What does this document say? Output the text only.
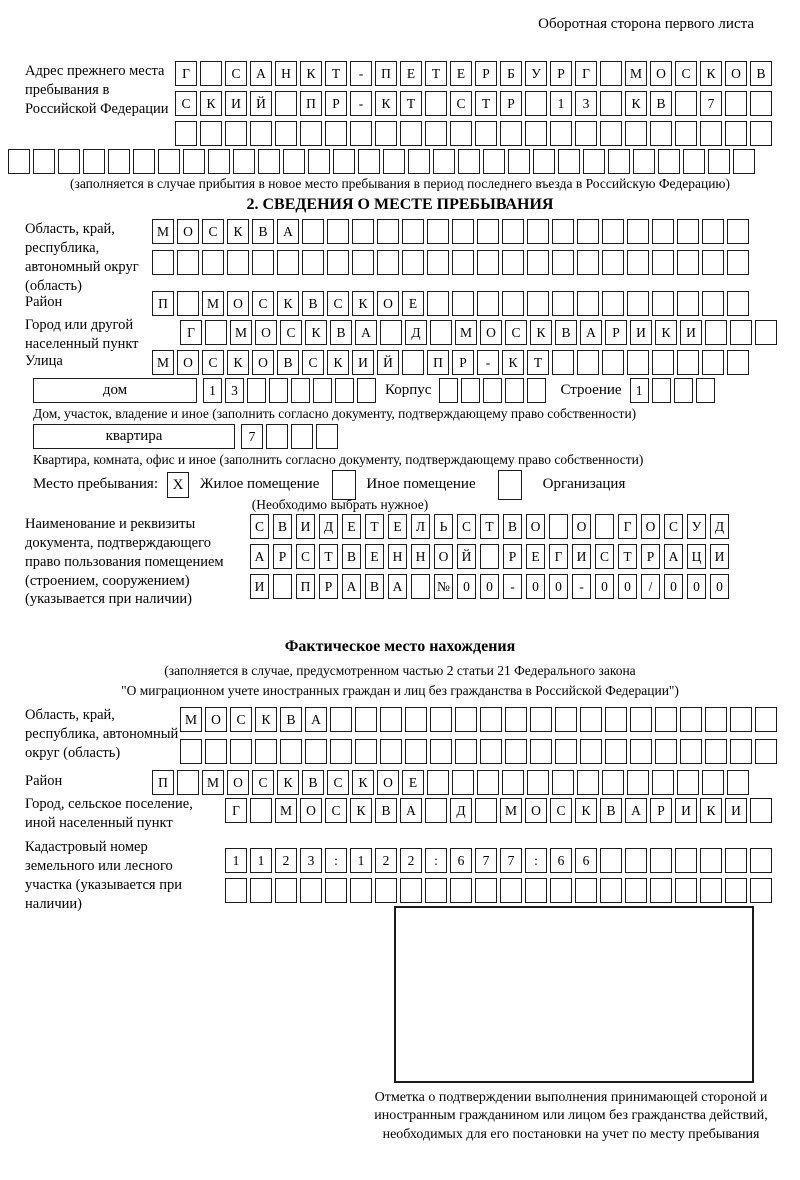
Оборотная сторона первого листа
Адрес прежнего места пребывания в Российской Федерации
Г	С	А	Н	К	Т	-	П	Е	Т	Е	Р	Б	У	Р	Г	М	О	С	К	О	В
С	К	И	Й	П	Р	-	К	Т	С	Т	Р	1	3	К	В	7
(заполняется в случае прибытия в новое место пребывания в период последнего въезда в Российскую Федерацию)
2. СВЕДЕНИЯ О МЕСТЕ ПРЕБЫВАНИЯ
Область, край, республика, автономный округ (область)
М	О	С	К	В	А
Район	П	М	О	С	К	В	С	К	О	Е
Город или другой населенный пункт
Г	М	О	С	К	В	А	Д	М	О	С	К	В	А	Р	И	К	И
Улица	М	О	С	К	О	В	С	К	И	Й	П	Р	-	К	Т
дом	1	3	Корпус	Строение	1
Дом, участок, владение и иное (заполнить согласно документу, подтверждающему право собственности)
квартира	7
Квартира, комната, офис и иное (заполнить согласно документу, подтверждающему право собственности)
Место пребывания: X	Жилое помещение	Иное помещение	Организация
(Необходимо выбрать нужное)
Наименование и реквизиты документа, подтверждающего право пользования помещением (строением, сооружением) (указывается при наличии)
С	В	И	Д	Е	Т	Е	Л	Ь	С	Т	В	О	О	Г	О	С	У	Д
А	Р	С	Т	В	Е	Н Н О Й	Р	Е	Г	И	С	Т	Р	А Ц И
И	П	Р	А	В	А	№ 0	0	-	0	0	-	0	0	/	0	0	0
Фактическое место нахождения
(заполняется в случае, предусмотренном частью 2 статьи 21 Федерального закона
"О миграционном учете иностранных граждан и лиц без гражданства в Российской Федерации")
Область, край, республика, автономный округ (область)
М	О	С	К	В	А
Район	П	М	О	С	К	В	С	К	О	Е
Город, сельское поселение, иной населенный пункт
Г	М	О	С	К	В	А	Д	М	О	С	К	В	А	Р	И	К	И
Кадастровый номер земельного или лесного участка (указывается при наличии)
1	1	2	3	:	1	2	2	:	6	7	7	:	6	6
Отметка о подтверждении выполнения принимающей стороной и иностранным гражданином или лицом без гражданства действий, необходимых для его постановки на учет по месту пребывания
